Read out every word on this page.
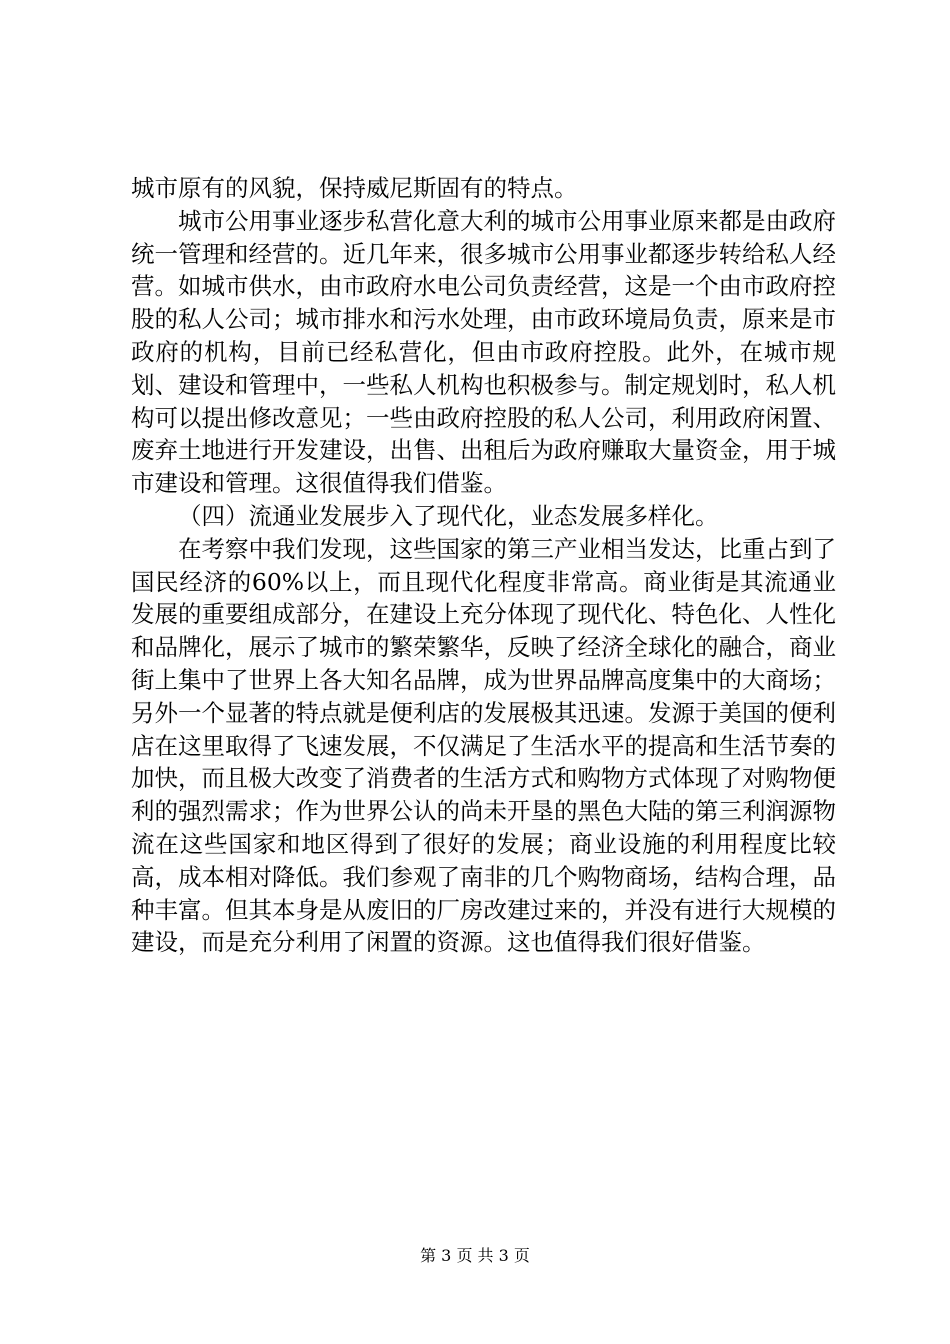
城市原有的风貌，保持威尼斯固有的特点。

城市公用事业逐步私营化意大利的城市公用事业原来都是由政府统一管理和经营的。近几年来，很多城市公用事业都逐步转给私人经营。如城市供水，由市政府水电公司负责经营，这是一个由市政府控股的私人公司；城市排水和污水处理，由市政环境局负责，原来是市政府的机构，目前已经私营化，但由市政府控股。此外，在城市规划、建设和管理中，一些私人机构也积极参与。制定规划时，私人机构可以提出修改意见；一些由政府控股的私人公司，利用政府闲置、废弃土地进行开发建设，出售、出租后为政府赚取大量资金，用于城市建设和管理。这很值得我们借鉴。

（四）流通业发展步入了现代化，业态发展多样化。

在考察中我们发现，这些国家的第三产业相当发达，比重占到了国民经济的60%以上，而且现代化程度非常高。商业街是其流通业发展的重要组成部分，在建设上充分体现了现代化、特色化、人性化和品牌化，展示了城市的繁荣繁华，反映了经济全球化的融合，商业街上集中了世界上各大知名品牌，成为世界品牌高度集中的大商场；另外一个显著的特点就是便利店的发展极其迅速。发源于美国的便利店在这里取得了飞速发展，不仅满足了生活水平的提高和生活节奏的加快，而且极大改变了消费者的生活方式和购物方式体现了对购物便利的强烈需求；作为世界公认的尚未开垦的黑色大陆的第三利润源物流在这些国家和地区得到了很好的发展；商业设施的利用程度比较高，成本相对降低。我们参观了南非的几个购物商场，结构合理，品种丰富。但其本身是从废旧的厂房改建过来的，并没有进行大规模的建设，而是充分利用了闲置的资源。这也值得我们很好借鉴。

第 3 页 共 3 页
